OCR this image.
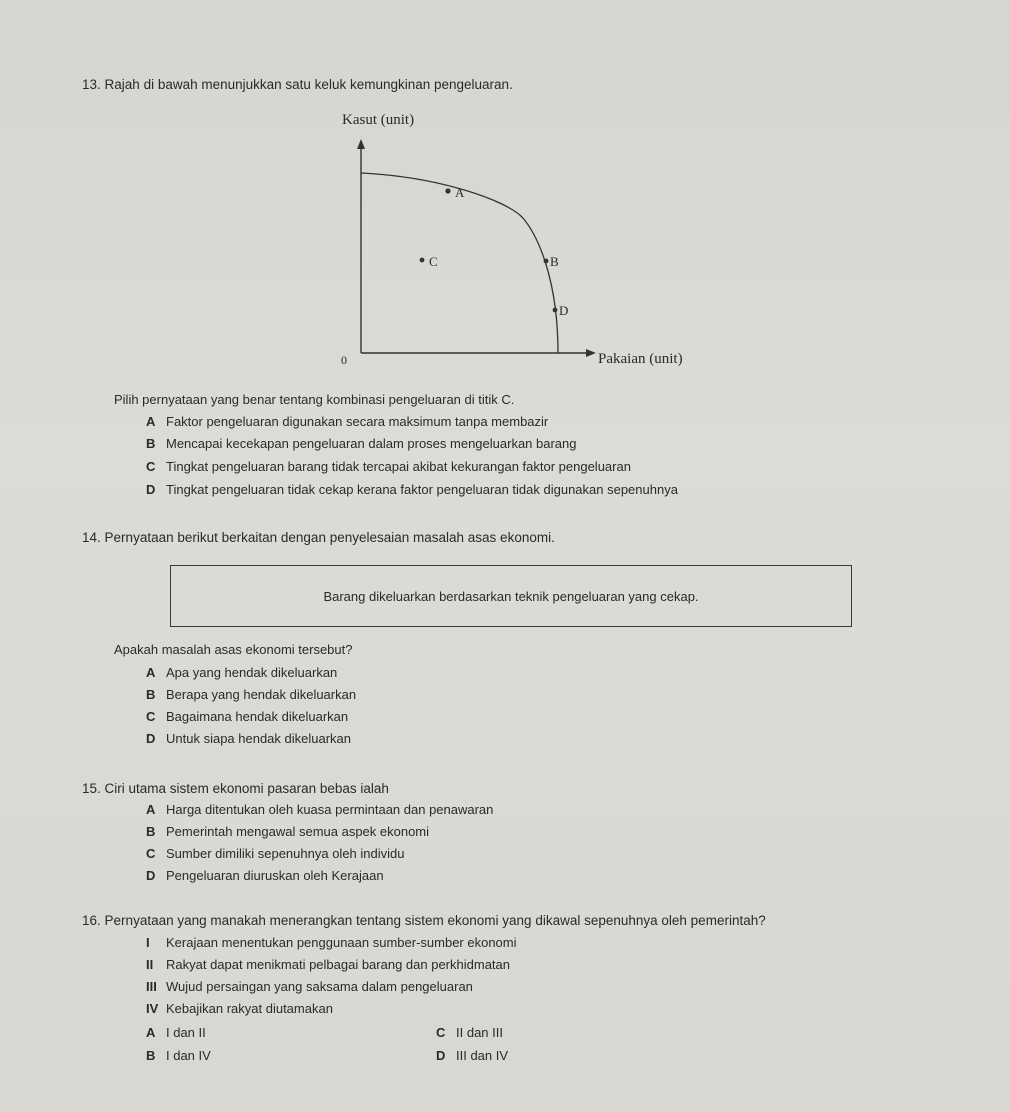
13. Rajah di bawah menunjukkan satu keluk kemungkinan pengeluaran.
A
C	B
D
Kasut (unit)
Pakaian (unit)
0
Pilih pernyataan yang benar tentang kombinasi pengeluaran di titik C.
A Faktor pengeluaran digunakan secara maksimum tanpa membazir
B Mencapai kecekapan pengeluaran dalam proses mengeluarkan barang
C Tingkat pengeluaran barang tidak tercapai akibat kekurangan faktor pengeluaran
D Tingkat pengeluaran tidak cekap kerana faktor pengeluaran tidak digunakan sepenuhnya
14. Pernyataan berikut berkaitan dengan penyelesaian masalah asas ekonomi.
Barang dikeluarkan berdasarkan teknik pengeluaran yang cekap.
Apakah masalah asas ekonomi tersebut?
A Apa yang hendak dikeluarkan
B Berapa yang hendak dikeluarkan
C Bagaimana hendak dikeluarkan
D Untuk siapa hendak dikeluarkan
15. Ciri utama sistem ekonomi pasaran bebas ialah
A Harga ditentukan oleh kuasa permintaan dan penawaran
B Pemerintah mengawal semua aspek ekonomi
C Sumber dimiliki sepenuhnya oleh individu
D Pengeluaran diuruskan oleh Kerajaan
16. Pernyataan yang manakah menerangkan tentang sistem ekonomi yang dikawal sepenuhnya oleh pemerintah?
I Kerajaan menentukan penggunaan sumber-sumber ekonomi
II Rakyat dapat menikmati pelbagai barang dan perkhidmatan
III Wujud persaingan yang saksama dalam pengeluaran
IV Kebajikan rakyat diutamakan
A I dan II
B I dan IV
C II dan III
D III dan IV
